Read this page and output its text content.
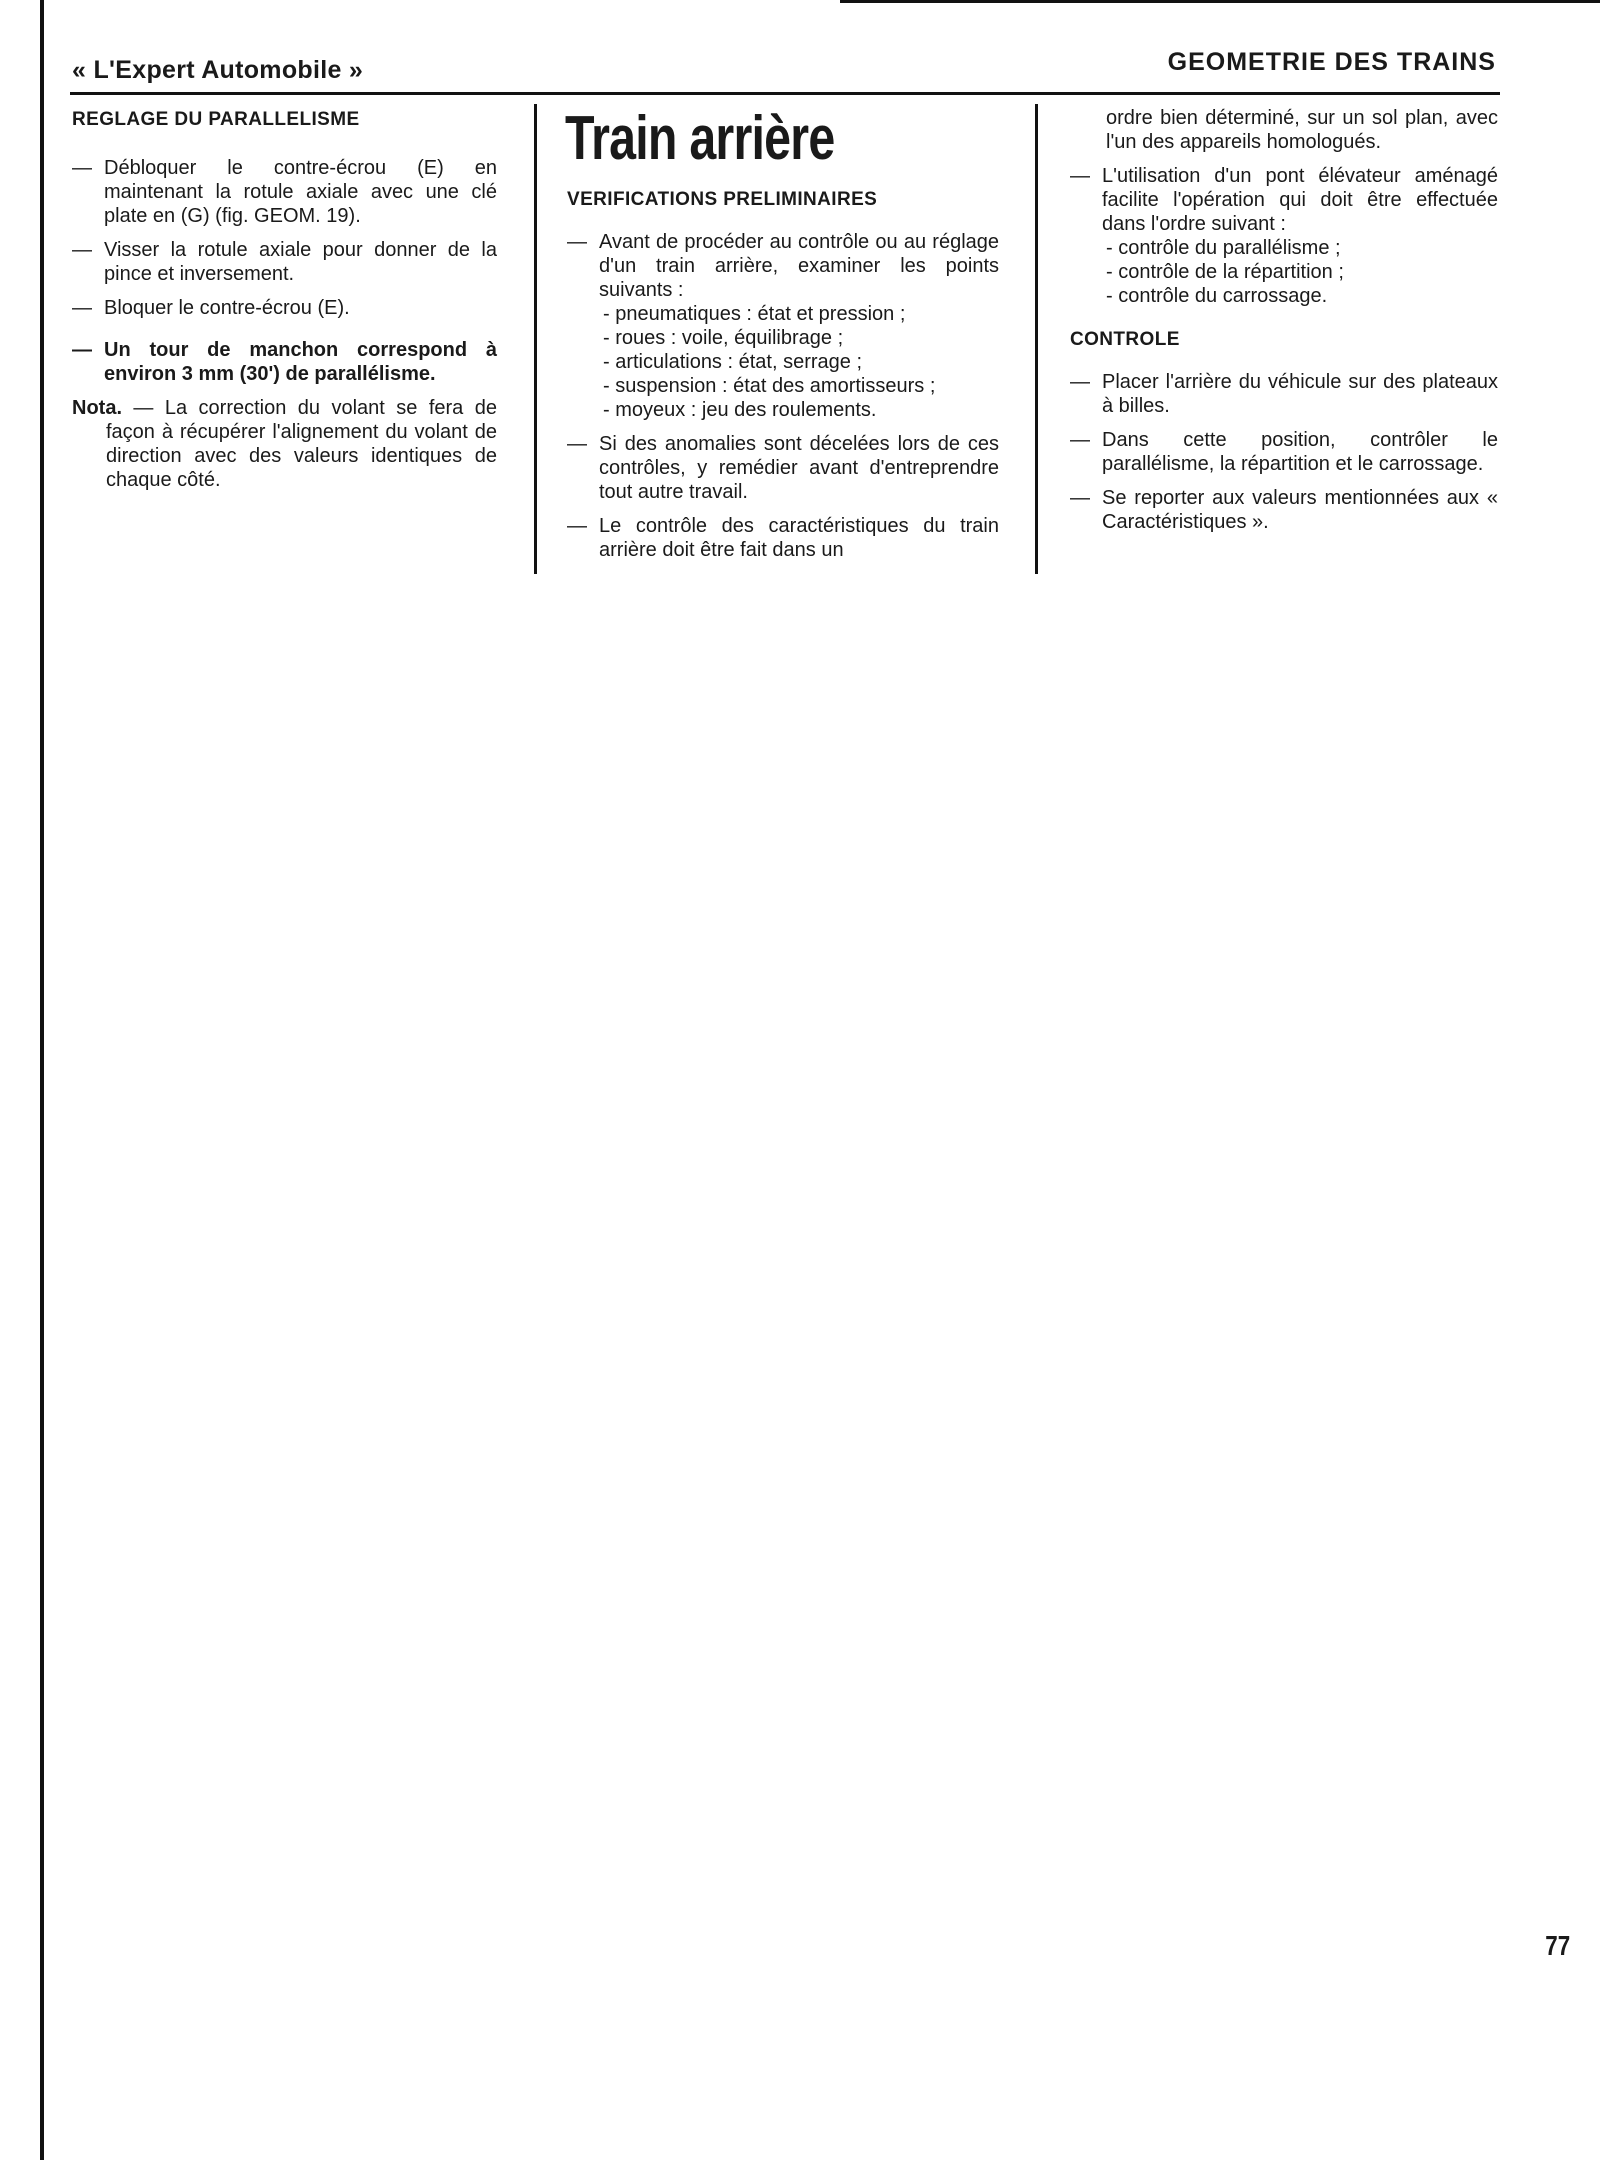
« L'Expert Automobile »	GEOMETRIE DES TRAINS
REGLAGE DU PARALLELISME
— Débloquer le contre-écrou (E) en maintenant la rotule axiale avec une clé plate en (G) (fig. GEOM. 19).
— Visser la rotule axiale pour donner de la pince et inversement.
— Bloquer le contre-écrou (E).
— Un tour de manchon correspond à environ 3 mm (30') de parallélisme.
Nota. — La correction du volant se fera de façon à récupérer l'alignement du volant de direction avec des valeurs identiques de chaque côté.
Train arrière
VERIFICATIONS PRELIMINAIRES
— Avant de procéder au contrôle ou au réglage d'un train arrière, examiner les points suivants :
- pneumatiques : état et pression ;
- roues : voile, équilibrage ;
- articulations : état, serrage ;
- suspension : état des amortisseurs ;
- moyeux : jeu des roulements.
— Si des anomalies sont décelées lors de ces contrôles, y remédier avant d'entreprendre tout autre travail.
— Le contrôle des caractéristiques du train arrière doit être fait dans un
ordre bien déterminé, sur un sol plan, avec l'un des appareils homologués.
— L'utilisation d'un pont élévateur aménagé facilite l'opération qui doit être effectuée dans l'ordre suivant :
- contrôle du parallélisme ;
- contrôle de la répartition ;
- contrôle du carrossage.
CONTROLE
— Placer l'arrière du véhicule sur des plateaux à billes.
— Dans cette position, contrôler le parallélisme, la répartition et le carrossage.
— Se reporter aux valeurs mentionnées aux « Caractéristiques ».
77
